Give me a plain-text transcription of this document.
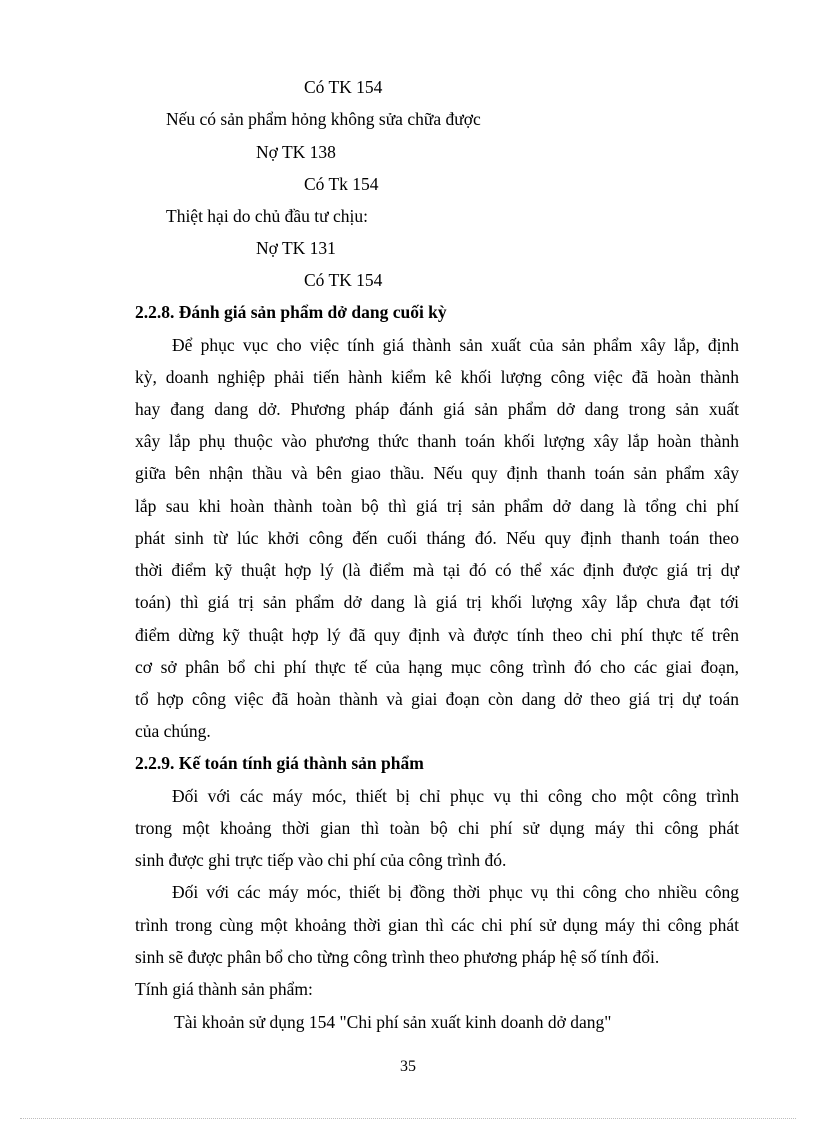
Có TK 154
Nếu có sản phẩm hỏng không sửa chữa được
Nợ TK 138
Có Tk 154
Thiệt hại do chủ đầu tư chịu:
Nợ TK 131
Có TK 154
2.2.8. Đánh giá sản phẩm dở dang cuối kỳ
Để phục vục cho việc tính giá thành sản xuất của sản phẩm xây lắp, định
kỳ, doanh nghiệp phải tiến hành kiểm kê khối lượng công việc đã hoàn thành
hay đang dang dở. Phương pháp đánh giá sản phẩm dở dang trong sản xuất
xây lắp phụ thuộc vào phương thức thanh toán khối lượng xây lắp hoàn thành
giữa bên nhận thầu và bên giao thầu. Nếu quy định thanh toán sản phẩm xây
lắp sau khi hoàn thành toàn bộ thì giá trị sản phẩm dở dang là tổng chi phí
phát sinh từ lúc khởi công đến cuối tháng đó. Nếu quy định thanh toán theo
thời điểm kỹ thuật hợp lý (là điểm mà tại đó có thể xác định được giá trị dự
toán) thì giá trị sản phẩm dở dang là giá trị khối lượng xây lắp chưa đạt tới
điểm dừng kỹ thuật hợp lý đã quy định và được tính theo chi phí thực tế trên
cơ sở phân bổ chi phí thực tế của hạng mục công trình đó cho các giai đoạn,
tổ hợp công việc đã hoàn thành và giai đoạn còn dang dở theo giá trị dự toán
của chúng.
2.2.9. Kế toán tính giá thành sản phẩm
Đối với các máy móc, thiết bị chỉ phục vụ thi công cho một công trình
trong một khoảng thời gian thì toàn bộ chi phí sử dụng máy thi công phát
sinh được ghi trực tiếp vào chi phí của công trình đó.
Đối với các máy móc, thiết bị đồng thời phục vụ thi công cho nhiều công
trình trong cùng một khoảng thời gian thì các chi phí sử dụng máy thi công phát
sinh sẽ được phân bổ cho từng công trình theo phương pháp hệ số tính đổi.
Tính giá thành sản phẩm:
Tài khoản sử dụng 154 "Chi phí sản xuất kinh doanh dở dang"
35
